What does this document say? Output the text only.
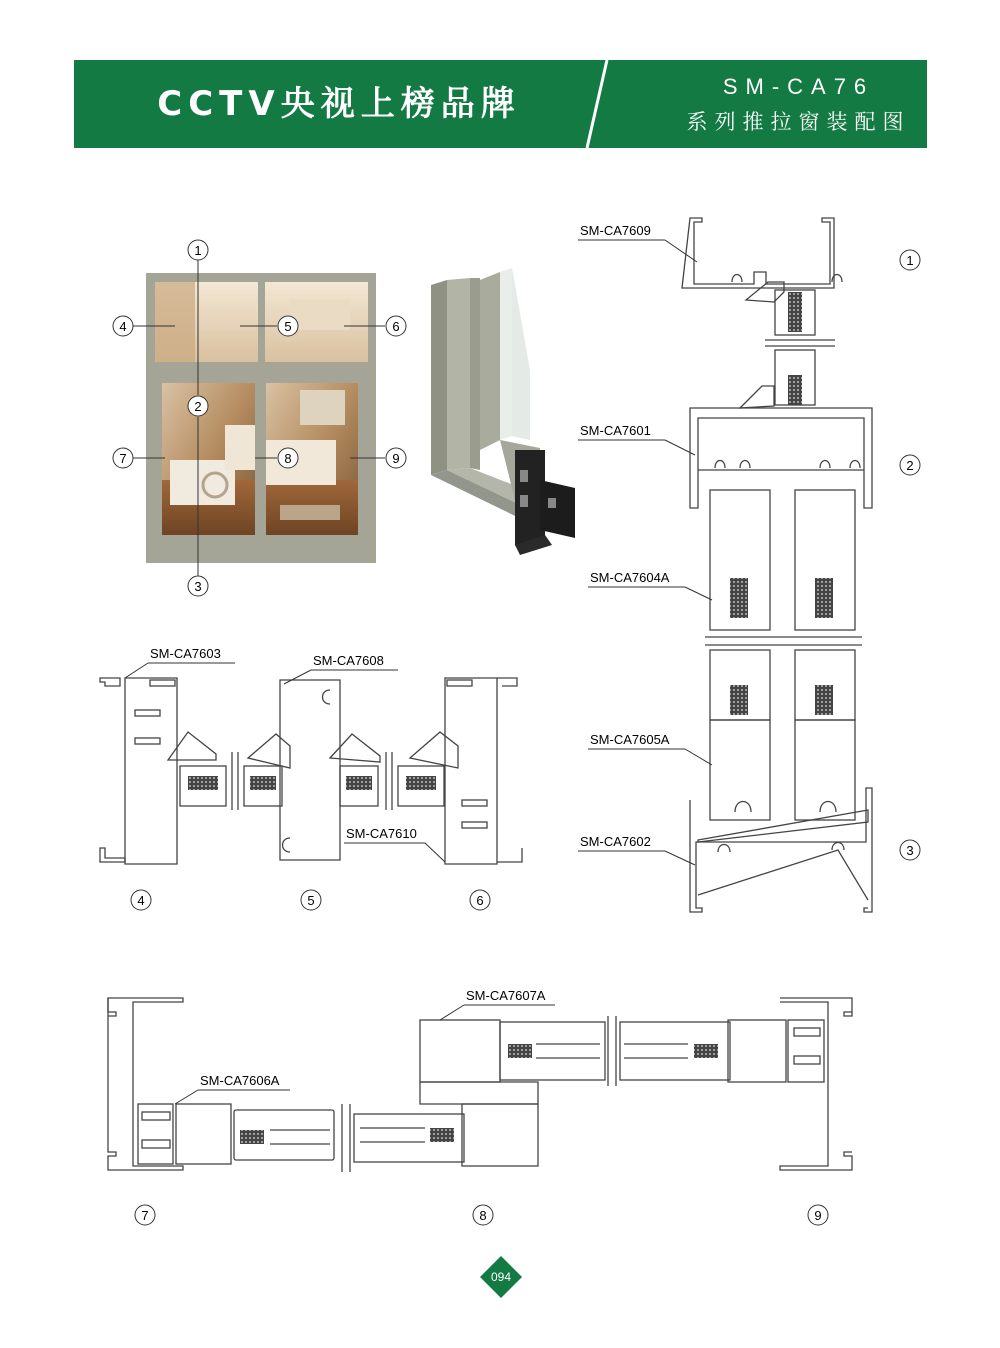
CCTV央视上榜品牌	SM-CA76
系列推拉窗装配图
1
2
3
4	5	6
7	8	9
SM-CA7609
SM-CA7601
SM-CA7604A
SM-CA7605A
SM-CA7602
1
2
3
SM-CA7603	SM-CA7608
SM-CA7610
4	5	6
SM-CA7607A
SM-CA7606A
7	8	9
094
